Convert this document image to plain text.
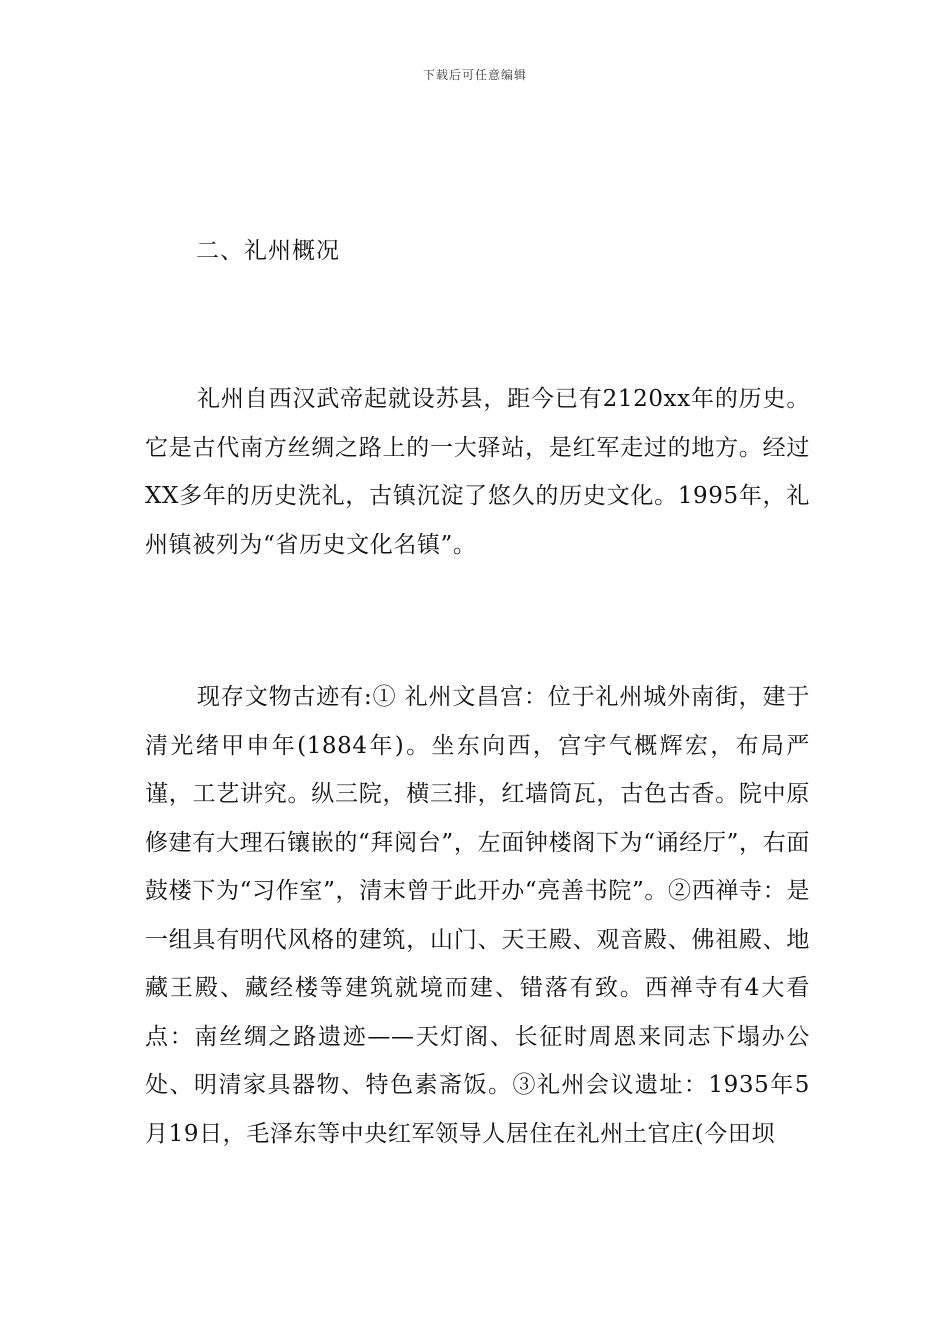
下载后可任意编辑
二、礼州概况

礼州自西汉武帝起就设苏县，距今已有2120xx年的历史。它是古代南方丝绸之路上的一大驿站，是红军走过的地方。经过XX多年的历史洗礼，古镇沉淀了悠久的历史文化。1995年，礼州镇被列为“省历史文化名镇”。

现存文物古迹有:① 礼州文昌宫：位于礼州城外南街，建于清光绪甲申年(1884年)。坐东向西，宫宇气概辉宏，布局严谨，工艺讲究。纵三院，横三排，红墙筒瓦，古色古香。院中原修建有大理石镶嵌的“拜阅台”，左面钟楼阁下为“诵经厅”，右面鼓楼下为“习作室”，清末曾于此开办“亮善书院”。②西禅寺：是一组具有明代风格的建筑，山门、天王殿、观音殿、佛祖殿、地藏王殿、藏经楼等建筑就境而建、错落有致。西禅寺有4大看点：南丝绸之路遗迹——天灯阁、长征时周恩来同志下塌办公处、明清家具器物、特色素斋饭。③礼州会议遗址：1935年5月19日，毛泽东等中央红军领导人居住在礼州土官庄(今田坝
